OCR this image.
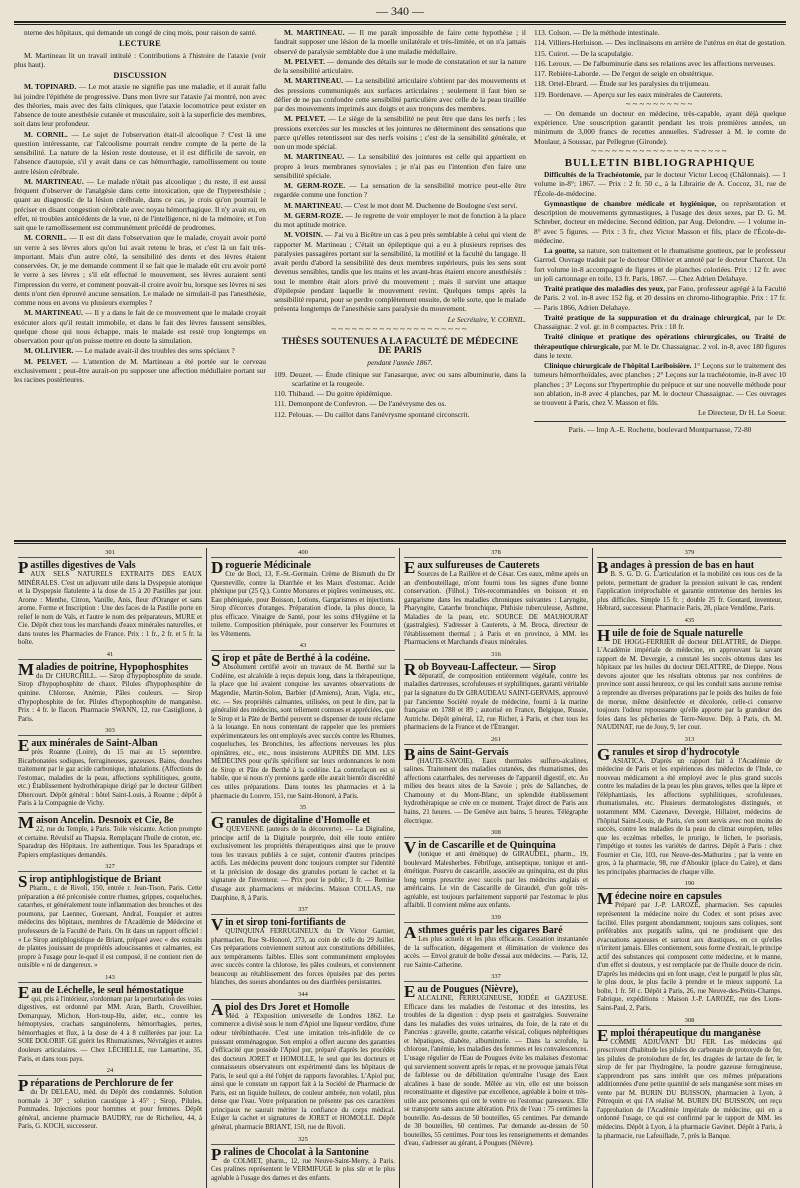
— 340 —

nterne des hôpitaux, qui demande un congé de cinq mois, pour raison de santé.

LECTURE

M. Martineau lit un travail intitulé : Contributions à l'histoire de l'ataxie (voir plus haut).

DISCUSSION

M. TOPINARD. — Le mot ataxie ne signifie pas une maladie, et il aurait fallu lui joindre l'épithète de progressive. Dans mon livre sur l'ataxie j'ai montré, non avec des théories, mais avec des faits cliniques, que l'ataxie locomotrice peut exister en l'absence de toute anesthésie cutanée et musculaire, soit à la superficie des membres, soit dans leur profondeur.

M. CORNIL. — Le sujet de l'observation était-il alcoolique ? C'est là une question intéressante, car l'alcoolisme pourrait rendre compte de la perte de la sensibilité. La nature de la lésion reste douteuse, et il est difficile de savoir, en l'absence d'autopsie, s'il y avait dans ce cas hémorrhagie, ramollissement ou toute autre lésion cérébrale.

M. MARTINEAU. — Le malade n'était pas alcoolique ; du reste, il est aussi fréquent d'observer de l'analgésie dans cette intoxication, que de l'hyperesthésie ; quant au diagnostic de la lésion cérébrale, dans ce cas, je crois qu'on pourrait le préciser en disant congestion cérébrale avec noyau hémorrhagique. Il n'y avait eu, en effet, ni troubles antécédents de la vue, ni de l'intelligence, ni de la mémoire, et l'on sait que le ramollissement est communément précédé de prodromes.

M. CORNIL. — Il est dit dans l'observation que le malade, croyait avoir porté un verre à ses lèvres alors qu'on lui avait retenu le bras, et c'est là un fait très-important. Mais d'un autre côté, la sensibilité des dents et des lèvres étaient conservées. Or, je me demande comment il se fait que le malade eût cru avoir porté le verre à ses lèvres ; s'il eût effectué le mouvement, ses lèvres auraient senti l'impression du verre, et comment pouvait-il croire avoir bu, lorsque ses lèvres ni ses dents n'ont rien éprouvé aucune sensation. Le malade ne simulait-il pas l'anesthésie, comme nous en avons vu plusieurs exemples ?

M. MARTINEAU. — Il y a dans le fait de ce mouvement que le malade croyait exécuter alors qu'il restait immobile, et dans le fait des lèvres faussent sensibles, quelque chose qui nous échappe, mais le malade est resté trop longtemps en observation pour qu'on puisse mettre en doute la simulation.

M. OLLIVIER. — Le malade avait-il des troubles des sens spéciaux ?

M. PELVET. — L'attention de M. Martineau a été portée sur le cerveau exclusivement ; peut-être aurait-on pu supposer une affection médullaire portant sur les racines postérieures.

M. MARTINEAU. — Il me paraît impossible de faire cette hypothèse ; il faudrait supposer une lésion de la moelle unilatérale et très-limitée, et on n'a jamais observé de paralysie semblable due à une maladie médullaire.

M. PELVET. — demande des détails sur le mode de constatation et sur la nature de la sensibilité articulaire.

M. MARTINEAU. — La sensibilité articulaire s'obtient par des mouvements et des pressions communiqués aux surfaces articulaires ; seulement il faut bien se défier de ne pas confondre cette sensibilité particulière avec celle de la peau tiraillée par des mouvements imprimés aux doigts et aux tronçons des membres.

M. PELVET. — Le siège de la sensibilité ne peut être que dans les nerfs ; les pressions exercées sur les muscles et les jointures ne déterminent des sensations que parce qu'elles retentissent sur des nerfs voisins ; c'est de la sensibilité générale, et non un mode spécial.

M. MARTINEAU. — La sensibilité des jointures est celle qui appartient en propre à leurs membranes synoviales ; je n'ai pas eu l'intention d'en faire une sensibilité spéciale.

M. GERM-ROZE. — La sensation de la sensibilité motrice peut-elle être regardée comme une fonction ?

M. MARTINEAU. — C'est le mot dont M. Duchenne de Boulogne s'est servi.

M. GERM-ROZE. — Je regrette de voir employer le mot de fonction à la place du mot aptitude motrice.

M. VOISIN. — J'ai vu à Bicêtre un cas à peu près semblable à celui qui vient de rapporter M. Martineau ; C'était un épileptique qui a eu à plusieurs reprises des paralysies passagères portant sur la sensibilité, la motilité et la faculté du langage. Il avait perdu d'abord la sensibilité des deux membres supérieurs, puis les sens sont devenus sensibles, tandis que les mains et les avant-bras étaient encore anesthésiés : tout le membre était alors privé du mouvement ; mais il survint une attaque d'épilepsie pendant laquelle le mouvement revint. Quelques temps après la sensibilité reparut, pour se perdre complètement ensuite, de telle sorte, que le malade présenta longtemps de l'anesthésie sans paralysie du mouvement.

Le Secrétaire, V. CORNIL.

~~~~~~~~~~~~~~~~~~~~
THÈSES SOUTENUES A LA FACULTÉ DE MÉDECINE DE PARIS

pendant l'année 1867.

109. Deuzet. — Étude clinique sur l'anasarque, avec ou sans albuminurie, dans la scarlatine et la rougeole.

110. Thibaud. — Du goitre épidémique.

111. Demonpont de Confevron. — De l'anévrysme des os.

112. Pelouas. — Du caillot dans l'anévrysme spontané circonscrit.

113. Colson. — De la méthode intestinale.

114. Villiers-Herluison. — Des inclinaisons en arrière de l'utérus en état de gestation.

115. Cuirot. — De la scapulalgie.

116. Leroux. — De l'albuminurie dans ses relations avec les affections nerveuses.

117. Rebière-Laborde. — De l'ergot de seigle en obstétrique.

118. Ortel-Ebrard. — Étude sur les paralysies du trijumeau.

119. Bordenave. — Aperçu sur les eaux minérales de Cauterets.

~~~~~~~~~~

— On demande un docteur en médecine, très-capable, ayant déjà quelque expérience. Une souscription garantit pendant les trois premières années, un minimum de 3,000 francs de recettes annuelles. S'adresser à M. le comte de Moulaur, à Soussac, par Pellegrue (Gironde).

~~~~~~~~~~~~~~~~~~~~
BULLETIN BIBLIOGRAPHIQUE

Difficultés de la Trachéotomie, par le docteur Victor Lecoq (Châlonnais). — 1 volume in-8°; 1867. — Prix : 2 fr. 50 c., à la Librairie de A. Coccoz, 31, rue de l'École-de-médecine.

Gymnastique de chambre médicale et hygiénique, ou représentation et description de mouvements gymnastiques, à l'usage des deux sexes, par D. G. M. Schreber, docteur en médecine. Second édition, par Aug. Delondre. — 1 volume in-8° avec 5 figures. — Prix : 3 fr., chez Victor Masson et fils, place de l'École-de-médecine.

La goutte, sa nature, son traitement et le rhumatisme goutteux, par le professeur Garrod. Ouvrage traduit par le docteur Ollivier et annoté par le docteur Charcot. Un fort volume in-8 accompagné de figures et de planches coloriées. Prix : 12 fr. avec un joli cartonnage en toile, 13 fr. Paris, 1867. — Chez Adrien Delahaye.

Traité pratique des maladies des yeux, par Fano, professeur agrégé à la Faculté de Paris. 2 vol. in-8 avec 152 fig. et 20 dessins en chromo-lithographie. Prix : 17 fr. — Paris 1866, Adrien Delahaye.

Traité pratique de la suppuration et du drainage chirurgical, par le Dr. Chassaignac. 2 vol. gr. in 8 compactes. Prix : 18 fr.

Traité clinique et pratique des opérations chirurgicales, ou Traité de thérapeutique chirurgicale, par M. le Dr. Chassaignac. 2 vol. in-8, avec 180 figures dans le texte.

Clinique chirurgicale de l'hôpital Lariboisière. 1° Leçons sur le traitement des tumeurs hémorrhoïdales, avec planches ; 2° Leçons sur la trachéotomie, in-8 avec 10 planches ; 3° Leçons sur l'hypertrophie du prépuce et sur une nouvelle méthode pour son ablation, in-8 avec 4 planches, par M. le docteur Chassaignac. — Ces ouvrages se trouvent à Paris, chez V. Masson et fils.

Le Directeur, Dr H. Le Soeur.

Paris. — Imp A.-E. Rochette, boulevard Montparnasse, 72-80

301
Pastilles digestives de Vals
AUX SELS NATURELS EXTRAITS DES EAUX MINÉRALES. C'est un adjuvant utile dans la Dyspepsie atonique et la Dyspepsie flatulente à la dose de 15 à 20 Pastilles par jour. Arome : Menthe, Citron, Vanille, Anis, fleur d'Oranger et sans arome. Forme et Inscription : Une des faces de la Pastille porte en relief le nom de Vals, et l'autre le nom des préparateurs, MURE et Cie. Dépôt chez tous les marchands d'eaux minérales naturelles, et dans toutes les Pharmacies de France. Prix : 1 fr., 2 fr. et 5 fr. la boîte.
41
Maladies de poitrine, Hypophosphites
du Dr CHURCHILL. — Sirop d'hypophosphite de soude. Sirop d'hypophosphite de chaux. Pilules d'hypophosphite de quinine. Chlorose, Anémie, Pâles couleurs. — Sirop d'hypophosphite de fer. Pilules d'hypophosphite de manganèse. Prix : 4 fr. le flacon. Pharmacie SWANN, 12, rue Castiglione, à Paris.
303
Eaux minérales de Saint-Alban
près Roanne (Loire), du 15 mai au 15 septembre. Bicarbonatées sodiques, ferrugineuses, gazeuses. Bains, douches traitement par le gaz acide carbonique, inhalations. (Affections de l'estomac, maladies de la peau, affections syphilitiques, goutte, etc.) Établissement hydrothérapique dirigé par le docteur Gilibert Dhercourt. Dépôt général : hôtel Saint-Louis, à Roanne ; dépôt à Paris à la Compagnie de Vichy.
Maison Ancelin. Desnoix et Cie, 8e
22, rue du Temple, à Paris. Toile vésicante. Action prompte et certaine. Révulsif au Thapsia. Remplaçant l'huile de croton, etc. Sparadrap des Hôpitaux. 1re authentique. Tous les Sparadraps et Papiers emplastiques demandés.
327
Sirop antiphlogistique de Briant
Pharm., r. de Rivoli, 150, entrée r. Jean-Tison, Paris. Cette préparation a été préconisée contre rhumes, grippes, coqueluches, catarrhes, et généralement toute inflammation des bronches et des poumons, par Laennec, Guersant, Andral, Fouquier et autres médecins des hôpitaux, membres de l'Académie de Médecine et professeurs de la Faculté de Paris. On lit dans un rapport officiel : « Le Sirop antiphlogistique de Briant, préparé avec « des extraits de plantes jouissant de propriétés adoucissantes et calmantes, est propre à l'usage pour le-quel il est composé, il ne contient rien de nuisible « ni de dangereux. »
143
Eau de Léchelle, le seul hémostatique
qui, pris à l'intérieur, s'ordonnant par la perturbation des voies digestives, est ordonné par MM. Aran, Barth, Cruveilhier, Demarquay, Michon, Hort-toup-Hu, aider, etc., contre les hémoptysies, crachats sanguinolents, hémorrhagies, pertes, hémorrhagies et flux, à la dose de 4 à 8 cuillerées par jour. La SOIE DOLORIF. GE guérit les Rhumatismes, Névralgies et autres douleurs articulaires. — Chez LÉCHELLE, rue Lamartine, 35, Paris, et dans tous pays.
24
Préparations de Perchlorure de fer
du Dr DELEAU, méd. du Dépôt des condamnés. Solution normale à 30° ; solution caustique à 45° ; Sirop, Pilules, Pommades. Injections pour hommes et pour femmes. Dépôt général, ancienne pharmacie BAUDRY, rue de Richelieu, 44, à Paris, G. KOCH, successeur.
400
Droguerie Médicinale
Cte de Boci, 13, F.-St.-Germain. Crème de Bismuth du Dr Quesneville, contre la Diarrhée et les Maux d'estomac. Acide phénique pur (25 Q.). Contre Morsures et piqûres venimeuses, etc. Eau phéniquée, pour Boisson, Lotions, Gargarismes et injections. Sirop d'écorces d'oranges. Préparation d'iode, la plus douce, la plus efficace. Vinaigre de Santé, pour les soins d'Hygiène et la toilette. Composition phéniquée, pour conserver les Fourrures et les Vêtements.
43
Sirop et pâte de Berthé à la codéine.
Absolument certifié avoir un travaux de M. Berthé sur la Codéine, est alcaloïde à reçus depuis long, dans la thérapeutique, la place que lui avaient conquise les savantes observations de Magendie, Martin-Solon, Barbier (d'Amiens), Aran, Vigla, etc., etc. — Ses propriétés calmantes, utilisées, on peut le dire, par la généralité des médecins, sont tellement connues et appréciées, que le Sirop et la Pâte de Berthé peuvent se dispenser de toute réclame à la louange. En nous contentant de rappeler que les premiers expérimentateurs les ont employés avec succès contre les Rhumes, coqueluches, les Bronchites, les affections nerveuses les plus opiniâtres, etc., etc., nous insisterons AUPRÈS DE MM. LES MÉDECINS pour qu'ils spécifient sur leurs ordonnances le nom de Sirop et Pâte de Berthé à la codéine. La contrefaçon est si habile, que si nous n'y prenions garde elle aurait bientôt discrédité ces utiles préparations. Dans toutes les pharmacies et à la pharmacie du Louvre, 151, rue Saint-Honoré, à Paris.
35
Granules de digitaline d'Homolle et
QUEVENNE (auteurs de la découverte). — La Digitaline, principe actif de la Digitale pourprée, doit elle toute entière exclusivement les propriétés thérapeutiques ainsi que le prouve tous les travaux publiés à ce sujet, contenir d'autres principes actifs. Les médecins peuvent donc toujours compter sur l'identité et la précision de dosage des granules portant le cachet et la signature de l'inventeur. — Prix pour le public, 3 fr. — Remise d'usage aux pharmaciens et médecins. Maison COLLAS, rue Dauphine, 8, à Paris.
337
Vin et sirop toni-fortifiants de
QUINQUINA FERRUGINEUX du Dr Victor Garnier, pharmacien, Rue St-Honoré, 273, au coin de celle du 29 Juillet. Ces préparations conviennent surtout aux constitutions débilitées, aux tempéraments faibles. Elles sont communément employées avec succès contre la chlorose, les pâles couleurs, et conviennent beaucoup au rétablissement des forces épuisées par des pertes blanches, des sueurs abondantes ou des diarrhées persistantes.
344
Apiol des Drs Joret et Homolle
Méd. à l'Exposition universelle de Londres 1862. Le commerce a divisé sous le nom d'Apiol une liqueur verdâtre, d'une odeur térébinthacée. C'est une imitation très-infidèle de ce puissant emménagogue. Son emploi a offert aucune des garanties d'efficacité que possède l'Apiol pur, préparé d'après les procédés des docteurs JORET et HOMOLLE, le seul que les docteurs et connaisseurs observateurs ont expérimenté dans les hôpitaux de Paris, le seul qui a été l'objet de rapports favorables. L'Apiol pur, ainsi que le constate un rapport fait à la Société de Pharmacie de Paris, est un liquide huileux, de couleur ambrée, non volatil, plus dense que l'eau. Votre préparation ne présente pas ces caractères principaux ne saurait mériter la confiance du corps médical. Exiger la cachet et signatures de JORET et HOMOLLE. Dépôt général, pharmacie BRIANT, 150, rue de Rivoli.
325
Pralines de Chocolat à la Santonine
de COLMET, pharm., 12, rue Neuve-Saint-Merry, à Paris. Ces pralines représentent le VERMIFUGE le plus sûr et le plus agréable à l'usage des dames et des enfants.
378
Eaux sulfureuses de Cauterets
Sources de La Raillère et de César. Ces eaux, même après un an d'embouteillage, m'ont fourni tous les signes d'une bonne conservation. (Filhol.) Très-recommandées en boisson et en gargarisme dans les maladies chroniques suivantes : Laryngite, Pharyngite, Catarrhe bronchique, Phthisie tuberculeuse, Asthme, Maladies de la peau, etc. SOURCE DE MAUHOURAT (gastralgies). S'adresser à Cauterets, à M. Broca, directeur de l'établissement thermal ; à Paris et en province, à MM. les Pharmaciens et Marchands d'eaux minérales.
316
Rob Boyveau-Laffecteur. — Sirop
dépuratif, de composition entièrement végétale, contre les maladies dartreuses, scrofuleuses et syphilitiques, garanti véritable par la signature du Dr GIRAUDEAU SAINT-GERVAIS, approuvé par l'ancienne Société royale de médecine, fourni à la marine française en 1788 et 89 ; autorisé en France, Belgique, Russie, Autriche. Dépôt général, 12, rue Richer, à Paris, et chez tous les pharmaciens de la France et de l'Étranger.
261
Bains de Saint-Gervais
(HAUTE-SAVOIE). Eaux thermales sulfuro-alcalines, salines. Traitement des maladies cutanées, des rhumatismes, des affections catarrhales, des nerveuses de l'appareil digestif, etc. Au milieu des beaux sites de la Savoie ; près de Sallanches, de Chamouny et du Mont-Blanc, un splendide établissement hydrothérapique se crée en ce moment. Trajet direct de Paris aux bains, 21 heures. — De Genève aux bains, 5 heures. Télégraphe électrique.
308
Vin de Cascarille et de Quinquina
(tonique et anti émétique) de GIRAUDEL, pharm., 19, boulevard Malesherbes. Fébrifuge, antiseptique, tonique et anti-émétique. Pourvu de cascarille, associée au quinquina, est du plus long temps prescrite avec succès par les médecins anglais et américains. Le vin de Cascarille de Giraudel, d'un goût très-agréable, est toujours parfaitement supporté par l'estomac le plus affaibli. Il convient même aux enfants.
339
Asthmes guéris par les cigares Baré
Les plus actuels et les plus efficaces. Cessation instantanée de la suffocation, dégagement et élimination de violence des accès. — Envoi gratuit de boîte d'essai aux médecins. — Paris, 12, rue Sainte-Catherine.
337
Eau de Pougues (Nièvre),
ALCALINE, FERRUGINEUSE, IODÉE et GAZEUSE. Efficace dans les maladies de l'estomac et des intestins, les troubles de la digestion : dysp pseis et gastralgies. Souveraine dans les maladies des voies urinaires, du foie, de la rate et du Pancréas : gravelle, goutte, catarrhe vésical, coliques néphrétiques et hépatiques, diabète, albuminurie. — Dans la scrofule, la chlorose, l'anémie, les maladies des femmes et les convalescences. L'usage régulier de l'Eau de Pougues évite les malaises d'estomac qui surviennent souvent après le repas, et ne provoque jamais l'état de faiblesse ou de débilitation qu'entraîne l'usage des Eaux alcalines à base de soude. Mêlée au vin, elle est une boisson reconstituante et digestive par excellence, agréable à boire et très-utile aux personnes qui ont le ventre ou l'estomac paresseux. Elle se transporte sans aucune altération. Prix de l'eau : 75 centimes la bouteille. Au-dessus de 50 bouteilles, 65 centimes. Par demande de 30 bouteilles, 60 centimes. Par demande au-dessus de 50 bouteilles, 55 centimes. Pour tous les renseignements et demandes d'eau, s'adresser au gérant, à Pougues (Nièvre).
379
Bandages à pression de bas en haut
B. S. G. D. G. L'articulation et la mobilité ces tous ces de la pelote, permettant de graduer la pression suivant le cas, rendent l'application irréprochable et garantie entretenue des hernies les plus difficiles. Simple 15 fr. ; double 25 fr. Goutard, inventeur, Hébrard, successeur. Pharmacie Paris, 28, place Vendôme, Paris.
435
Huile de foie de Squale naturelle
DE HOGG-FERRIER de docteur DELATTRE, de Dieppe. L'Académie impériale de médecine, en approuvant la savant rapport de M. Devergie, a constaté les succès obtenus dans les hôpitaux par les huiles du docteur DELATTRE, de Dieppe. Nous devons ajouter que les résultats obtenus par nos confrères de province sont aussi heureux, ce qui les conduit sans aucune remise à reprendre au diverses préparations par le poids des huiles de foie de morue, même désinfectée et décolorée, celle-ci conserve toujours l'odeur repoussante qu'elle apporte par la grandeur des foies dans les pêcheries de Terre-Neuve. Dép. à Paris, ch. M. NAUDINAT, rue de Jouy, 9, 1er cour.
313
Granules et sirop d'hydrocotyle
ASIATICA. D'après un rapport fait à l'Académie de médecine de Paris et les expériences des médecins de l'Inde, ce nouveau médicament a été employé avec le plus grand succès contre les maladies de la peau les plus graves, telles que la lèpre et l'éléphantiasis, les affections syphilitiques, scrofuleuses, rhumatismales, etc. Plusieurs dermatologistes distingués, et notamment MM. Cazenave, Devergie, Hillairet, médecins de l'hôpital Saint-Louis, de Paris, s'en sont servis avec non moins de succès, contre les maladies de la peau du climat européen, telles que les eczémas rebelles, le prurigo, le lichen, le psoriasis, l'impétigo et toutes les variétés de dartres. Dépôt à Paris : chez Fournier et Cie, 103, rue Neuve-des-Mathurins ; par la vente en gros, à la pharmacie, 98, rue d'Aboukir (place du Caire), et dans les principales pharmacies de chaque ville.
190
Médecine noire en capsules
Préparé par J.-P. LAROZE, pharmacien. Ses capsules représentent la médecine noire du Codex et sont prises avec facilité. Elles purgent abondamment, toujours sans coliques, sont préférables aux purgatifs salins, qui ne produisent que des évacuations aqueuses et surtout aux drastiques, en ce qu'elles n'irritent jamais. Elles contiennent, sous forme d'extrait, le principe actif des substances qui composent cette médecine, et le manne, d'un effet si douteux, y est remplacée par de l'huile douce de ricin. D'après les médecins qui en font usage, c'est le purgatif le plus sûr, le plus doux, le plus facile à prendre et le mieux supporté. La boîte, 1 fr. 50 c. Dépôt à Paris, 26, rue Neuve-des-Petits-Champs. Fabrique, expéditions : Maison J.-P. LAROZE, rue des Lions-Saint-Paul, 2, Paris.
308
Emploi thérapeutique du manganèse
COMME ADJUVANT DU FER. Les médecins qui prescrivent d'habitude les pilules de carbonate de protoxyde de fer, les pilules de protoiodure de fer, les dragées de lactate de fer, le sirop de fer par l'hydrogène, la poudre gazeuse ferrugineuse, s'apprendront pas sans intérêt que ces mêmes préparations additionnées d'une petite quantité de sels manganèse sont mises en vente par M. BURIN DU BUISSON, pharmacien à Lyon, à Pétrequin et qui l'A réalisé M. BURIN DU BUISSON, ont reçu l'approbation de l'Académie impériale de médecine, qui en a ordonné l'usage, ce qui est confirmé par le rapport de MM. les médecins. Dépôt à Lyon, à la pharmacie Gavinet. Dépôt à Paris, à la pharmacie, rue Lafeuillade, 7, près la Banque.
